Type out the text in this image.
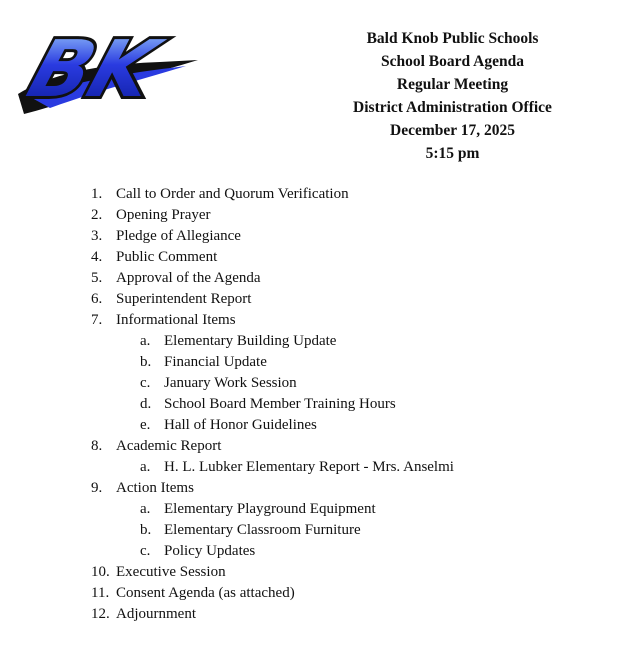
BK	Bald Knob Public Schools
School Board Agenda
Regular Meeting
District Administration Office
December 17, 2025
5:15 pm
1. Call to Order and Quorum Verification
2. Opening Prayer
3. Pledge of Allegiance
4. Public Comment
5. Approval of the Agenda
6. Superintendent Report
7. Informational Items
a. Elementary Building Update
b. Financial Update
c. January Work Session
d. School Board Member Training Hours
e. Hall of Honor Guidelines
8. Academic Report
a. H. L. Lubker Elementary Report - Mrs. Anselmi
9. Action Items
a. Elementary Playground Equipment
b. Elementary Classroom Furniture
c. Policy Updates
10. Executive Session
11. Consent Agenda (as attached)
12. Adjournment
